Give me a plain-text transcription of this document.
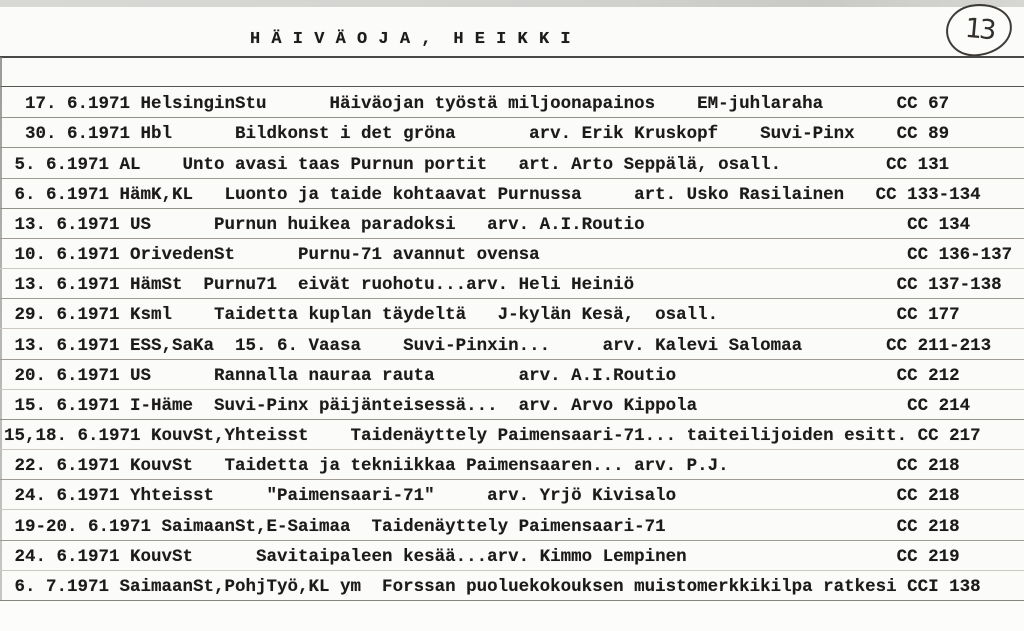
H Ä I V Ä O J A ,  H E I K K I	13
17. 6.1971 HelsinginStu      Häiväojan työstä miljoonapainos    EM-juhlaraha       CC 67
30. 6.1971 Hbl      Bildkonst i det gröna       arv. Erik Kruskopf    Suvi-Pinx    CC 89
5. 6.1971 AL    Unto avasi taas Purnun portit   art. Arto Seppälä, osall.          CC 131
6. 6.1971 HämK,KL   Luonto ja taide kohtaavat Purnussa     art. Usko Rasilainen   CC 133-134
13. 6.1971 US      Purnun huikea paradoksi   arv. A.I.Routio                         CC 134
10. 6.1971 OrivedenSt      Purnu-71 avannut ovensa                                   CC 136-137
13. 6.1971 HämSt  Purnu71  eivät ruohotu...arv. Heli Heiniö                         CC 137-138
29. 6.1971 Ksml    Taidetta kuplan täydeltä   J-kylän Kesä,  osall.                 CC 177
13. 6.1971 ESS,SaKa  15. 6. Vaasa    Suvi-Pinxin...     arv. Kalevi Salomaa        CC 211-213
20. 6.1971 US      Rannalla nauraa rauta        arv. A.I.Routio                     CC 212
15. 6.1971 I-Häme  Suvi-Pinx päijänteisessä...  arv. Arvo Kippola                    CC 214
15,18. 6.1971 KouvSt,Yhteisst    Taidenäyttely Paimensaari-71... taiteilijoiden esitt. CC 217
22. 6.1971 KouvSt   Taidetta ja tekniikkaa Paimensaaren... arv. P.J.                CC 218
24. 6.1971 Yhteisst     "Paimensaari-71"     arv. Yrjö Kivisalo                     CC 218
19-20. 6.1971 SaimaanSt,E-Saimaa  Taidenäyttely Paimensaari-71                      CC 218
24. 6.1971 KouvSt      Savitaipaleen kesää...arv. Kimmo Lempinen                    CC 219
6. 7.1971 SaimaanSt,PohjTyö,KL ym  Forssan puoluekokouksen muistomerkkikilpa ratkesi CCI 138
